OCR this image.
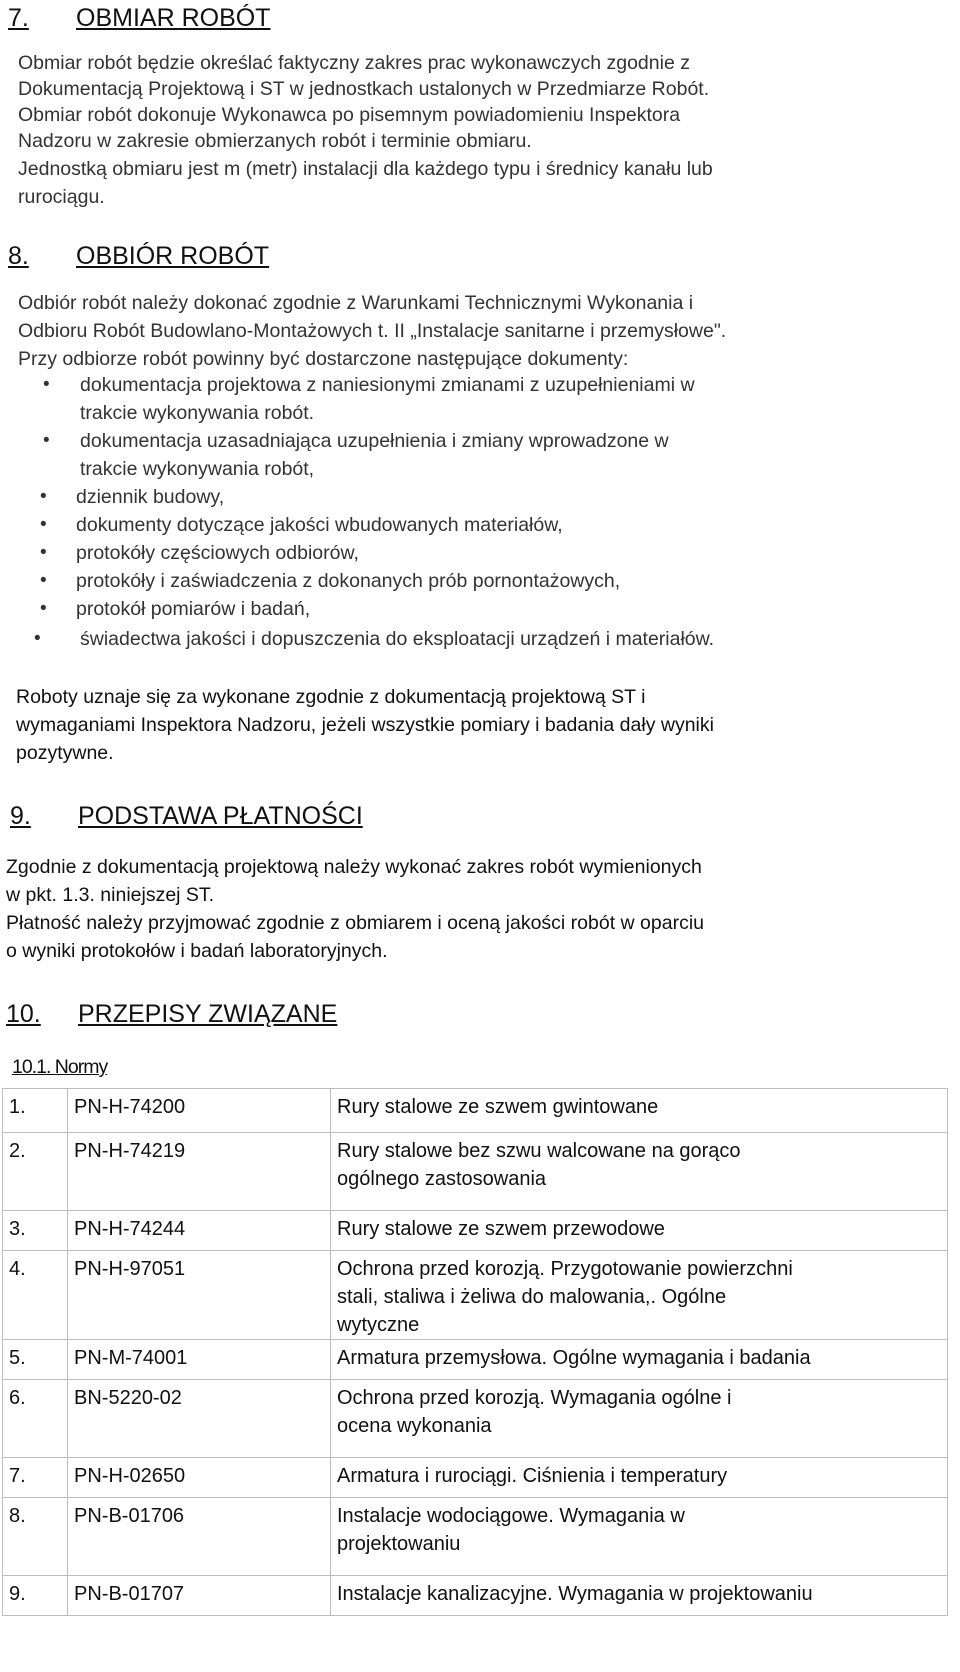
7. OBMIAR ROBÓT
Obmiar robót będzie określać faktyczny zakres prac wykonawczych zgodnie z
Dokumentacją Projektową i ST w jednostkach ustalonych w Przedmiarze Robót.
Obmiar robót dokonuje Wykonawca po pisemnym powiadomieniu Inspektora
Nadzoru w zakresie obmierzanych robót i terminie obmiaru.
Jednostką obmiaru jest m (metr) instalacji dla każdego typu i średnicy kanału lub
rurociągu.
8. OBBIÓR ROBÓT
Odbiór robót należy dokonać zgodnie z Warunkami Technicznymi Wykonania i
Odbioru Robót Budowlano-Montażowych t. II „Instalacje sanitarne i przemysłowe".
Przy odbiorze robót powinny być dostarczone następujące dokumenty:
• dokumentacja projektowa z naniesionymi zmianami z uzupełnieniami w
trakcie wykonywania robót.
• dokumentacja uzasadniająca uzupełnienia i zmiany wprowadzone w
trakcie wykonywania robót,
• dziennik budowy,
• dokumenty dotyczące jakości wbudowanych materiałów,
• protokóły częściowych odbiorów,
• protokóły i zaświadczenia z dokonanych prób pornontażowych,
• protokół pomiarów i badań,
• świadectwa jakości i dopuszczenia do eksploatacji urządzeń i materiałów.
Roboty uznaje się za wykonane zgodnie z dokumentacją projektową ST i
wymaganiami Inspektora Nadzoru, jeżeli wszystkie pomiary i badania dały wyniki
pozytywne.
9. PODSTAWA PŁATNOŚCI
Zgodnie z dokumentacją projektową należy wykonać zakres robót wymienionych
w pkt. 1.3. niniejszej ST.
Płatność należy przyjmować zgodnie z obmiarem i oceną jakości robót w oparciu
o wyniki protokołów i badań laboratoryjnych.
10. PRZEPISY ZWIĄZANE
10.1. Normy
1.	PN-H-74200	Rury stalowe ze szwem gwintowane

2.	PN-H-74219	Rury stalowe bez szwu walcowane na gorąco
ogólnego zastosowania

3.	PN-H-74244	Rury stalowe ze szwem przewodowe

4.	PN-H-97051	Ochrona przed korozją. Przygotowanie powierzchni
stali, staliwa i żeliwa do malowania,. Ogólne
wytyczne

5.	PN-M-74001	Armatura przemysłowa. Ogólne wymagania i badania

6.	BN-5220-02	Ochrona przed korozją. Wymagania ogólne i
ocena wykonania

7.	PN-H-02650	Armatura i rurociągi. Ciśnienia i temperatury

8.	PN-B-01706	Instalacje wodociągowe. Wymagania w
projektowaniu

9.	PN-B-01707	Instalacje kanalizacyjne. Wymagania w projektowaniu
